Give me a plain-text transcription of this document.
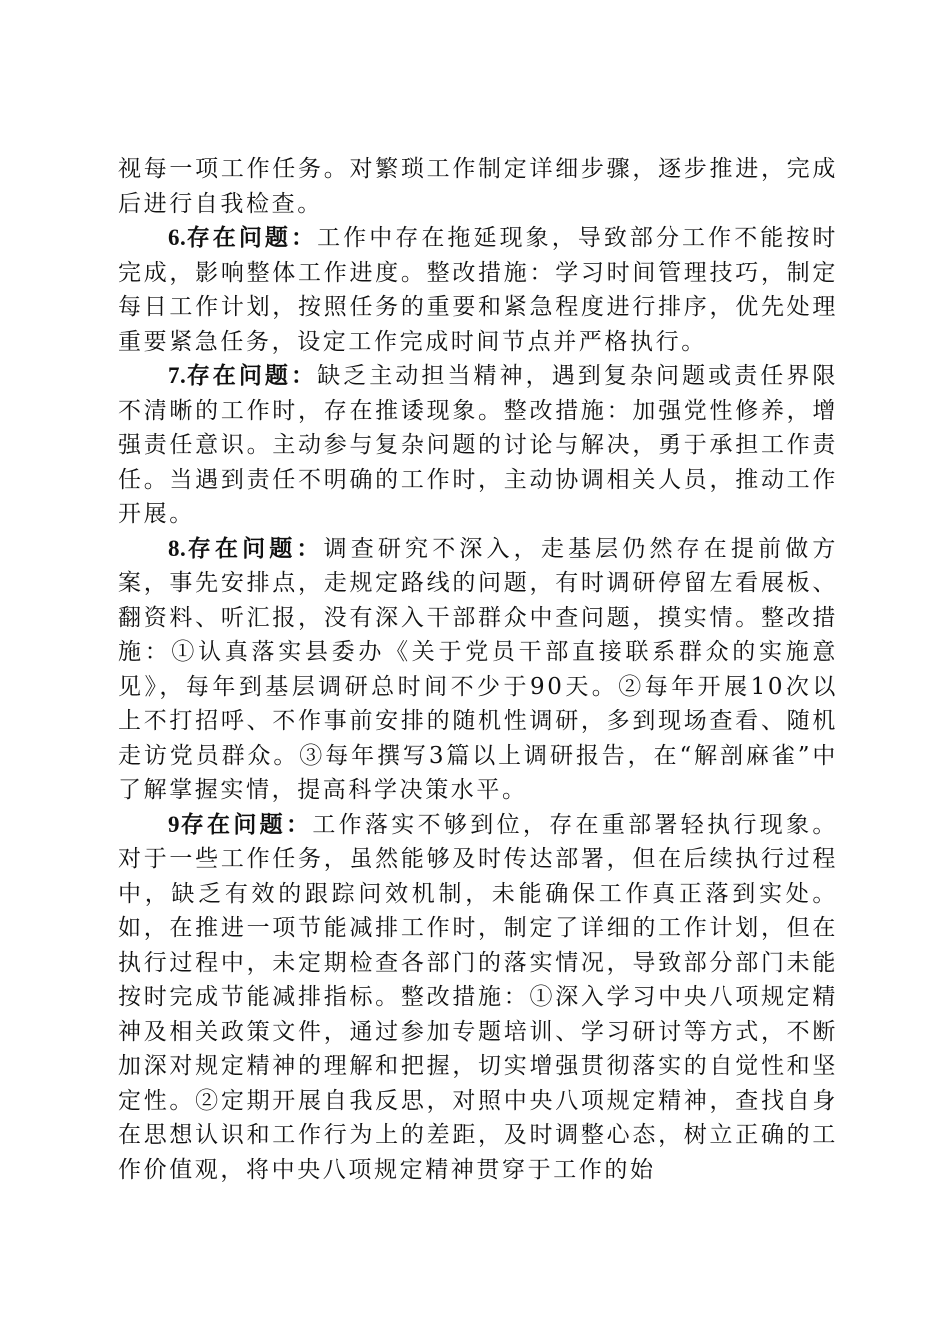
视每一项工作任务。对繁琐工作制定详细步骤，逐步推进，完成后进行自我检查。

6.存在问题：工作中存在拖延现象，导致部分工作不能按时完成，影响整体工作进度。整改措施：学习时间管理技巧，制定每日工作计划，按照任务的重要和紧急程度进行排序，优先处理重要紧急任务，设定工作完成时间节点并严格执行。

7.存在问题：缺乏主动担当精神，遇到复杂问题或责任界限不清晰的工作时，存在推诿现象。整改措施：加强党性修养，增强责任意识。主动参与复杂问题的讨论与解决，勇于承担工作责任。当遇到责任不明确的工作时，主动协调相关人员，推动工作开展。

8.存在问题：调查研究不深入，走基层仍然存在提前做方案，事先安排点，走规定路线的问题，有时调研停留左看展板、翻资料、听汇报，没有深入干部群众中查问题，摸实情。整改措施：①认真落实县委办《关于党员干部直接联系群众的实施意见》，每年到基层调研总时间不少于90天。②每年开展10次以上不打招呼、不作事前安排的随机性调研，多到现场查看、随机走访党员群众。③每年撰写3篇以上调研报告，在“解剖麻雀”中了解掌握实情，提高科学决策水平。

9存在问题：工作落实不够到位，存在重部署轻执行现象。对于一些工作任务，虽然能够及时传达部署，但在后续执行过程中，缺乏有效的跟踪问效机制，未能确保工作真正落到实处。如，在推进一项节能减排工作时，制定了详细的工作计划，但在执行过程中，未定期检查各部门的落实情况，导致部分部门未能按时完成节能减排指标。整改措施：①深入学习中央八项规定精神及相关政策文件，通过参加专题培训、学习研讨等方式，不断加深对规定精神的理解和把握，切实增强贯彻落实的自觉性和坚定性。②定期开展自我反思，对照中央八项规定精神，查找自身在思想认识和工作行为上的差距，及时调整心态，树立正确的工作价值观，将中央八项规定精神贯穿于工作的始
